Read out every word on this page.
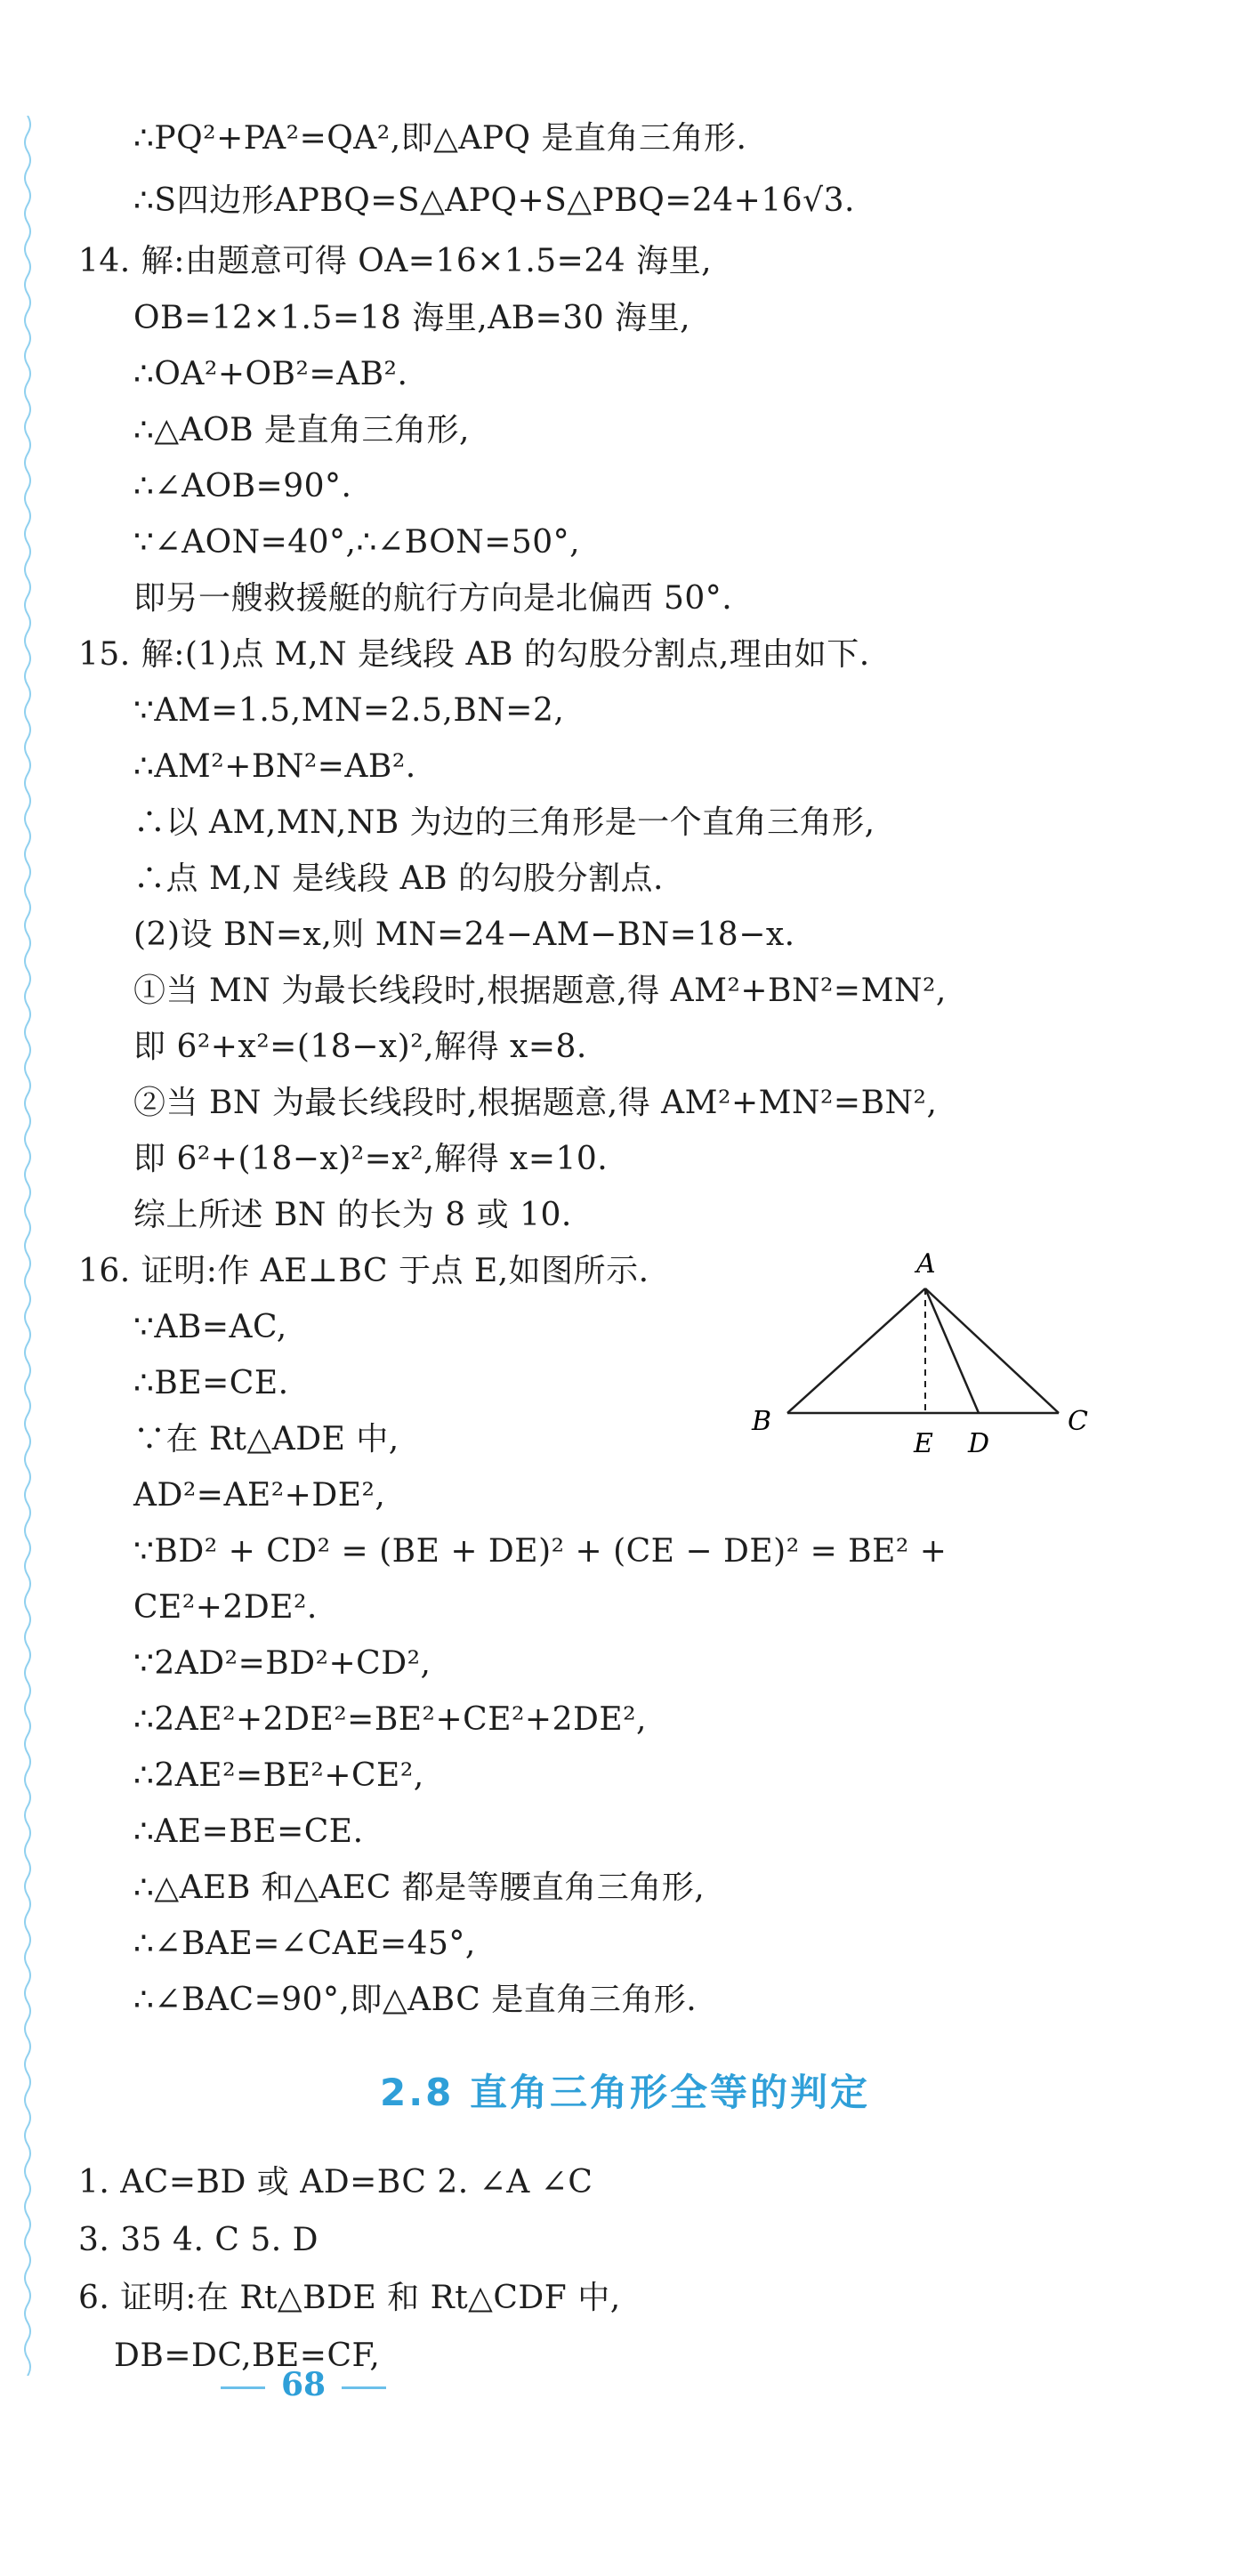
∴PQ²+PA²=QA²,即△APQ 是直角三角形.
∴S四边形APBQ=S△APQ+S△PBQ=24+16√3.
14. 解:由题意可得 OA=16×1.5=24 海里,
OB=12×1.5=18 海里,AB=30 海里,
∴OA²+OB²=AB².
∴△AOB 是直角三角形,
∴∠AOB=90°.
∵∠AON=40°,∴∠BON=50°,
即另一艘救援艇的航行方向是北偏西 50°.
15. 解:(1)点 M,N 是线段 AB 的勾股分割点,理由如下.
∵AM=1.5,MN=2.5,BN=2,
∴AM²+BN²=AB².
∴以 AM,MN,NB 为边的三角形是一个直角三角形,
∴点 M,N 是线段 AB 的勾股分割点.
(2)设 BN=x,则 MN=24−AM−BN=18−x.
①当 MN 为最长线段时,根据题意,得 AM²+BN²=MN²,
即 6²+x²=(18−x)²,解得 x=8.
②当 BN 为最长线段时,根据题意,得 AM²+MN²=BN²,
即 6²+(18−x)²=x²,解得 x=10.
综上所述 BN 的长为 8 或 10.
16. 证明:作 AE⊥BC 于点 E,如图所示.
∵AB=AC,
∴BE=CE.
∵在 Rt△ADE 中,
AD²=AE²+DE²,
∵BD² + CD² = (BE + DE)² + (CE − DE)² = BE² +
CE²+2DE².
∵2AD²=BD²+CD²,
∴2AE²+2DE²=BE²+CE²+2DE²,
∴2AE²=BE²+CE²,
∴AE=BE=CE.
∴△AEB 和△AEC 都是等腰直角三角形,
∴∠BAE=∠CAE=45°,
∴∠BAC=90°,即△ABC 是直角三角形.
A
B	C
E D
2.8 直角三角形全等的判定
1. AC=BD 或 AD=BC 2. ∠A ∠C
3. 35 4. C 5. D
6. 证明:在 Rt△BDE 和 Rt△CDF 中,
DB=DC,BE=CF,
68
